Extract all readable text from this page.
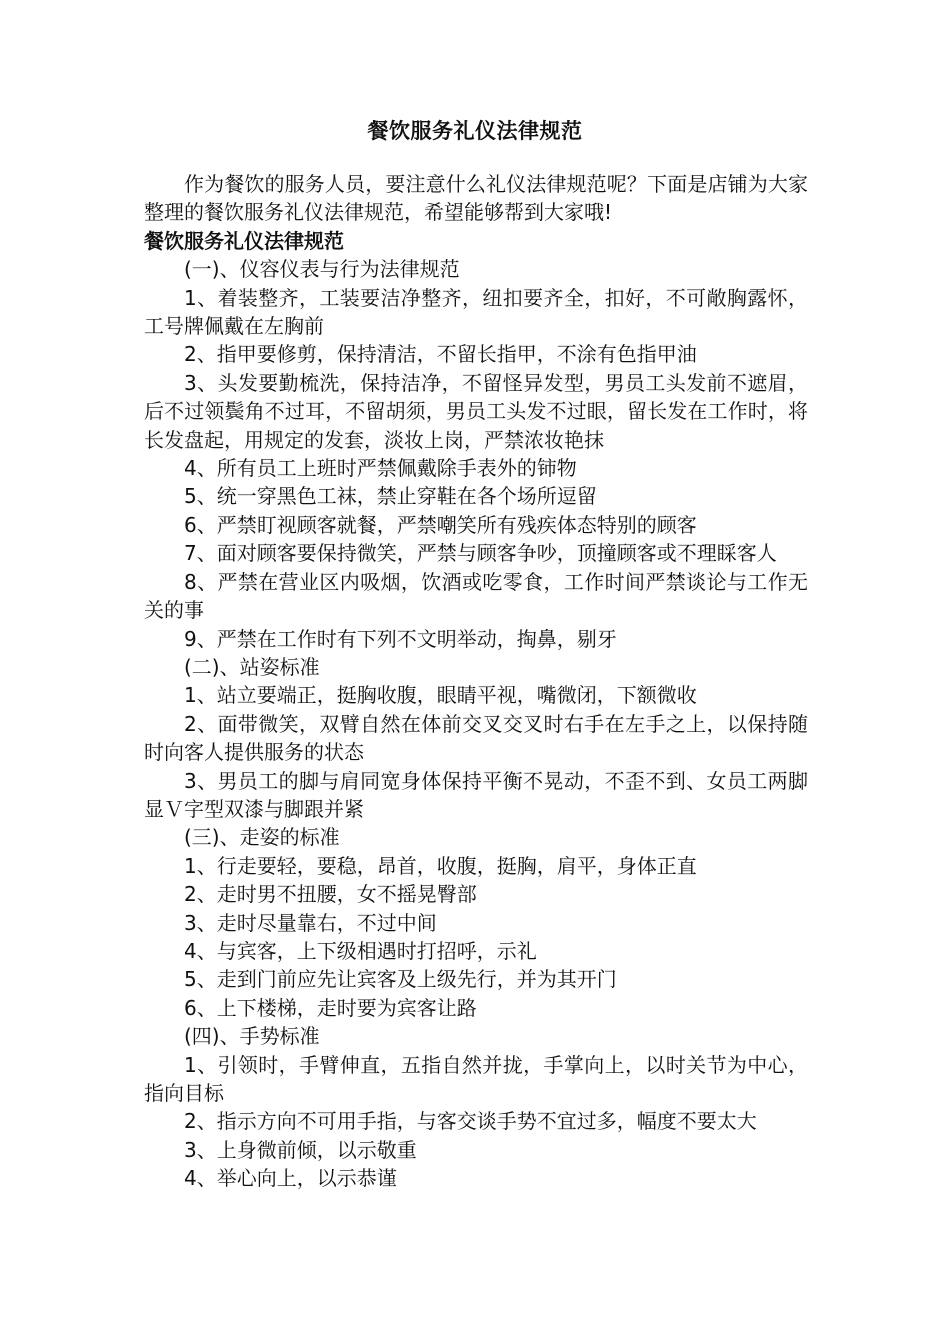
餐饮服务礼仪法律规范

作为餐饮的服务人员，要注意什么礼仪法律规范呢？下面是店铺为大家整理的餐饮服务礼仪法律规范，希望能够帮到大家哦!

餐饮服务礼仪法律规范

(一)、仪容仪表与行为法律规范

1、着装整齐，工装要洁净整齐，纽扣要齐全，扣好，不可敞胸露怀，工号牌佩戴在左胸前

2、指甲要修剪，保持清洁，不留长指甲，不涂有色指甲油

3、头发要勤梳洗，保持洁净，不留怪异发型，男员工头发前不遮眉，后不过领鬓角不过耳，不留胡须，男员工头发不过眼，留长发在工作时，将长发盘起，用规定的发套，淡妆上岗，严禁浓妆艳抹

4、所有员工上班时严禁佩戴除手表外的铈物

5、统一穿黑色工袜，禁止穿鞋在各个场所逗留

6、严禁盯视顾客就餐，严禁嘲笑所有残疾体态特别的顾客

7、面对顾客要保持微笑，严禁与顾客争吵，顶撞顾客或不理睬客人

8、严禁在营业区内吸烟，饮酒或吃零食，工作时间严禁谈论与工作无关的事

9、严禁在工作时有下列不文明举动，掏鼻，剔牙

(二)、站姿标准

1、站立要端正，挺胸收腹，眼睛平视，嘴微闭，下额微收

2、面带微笑，双臂自然在体前交叉交叉时右手在左手之上，以保持随时向客人提供服务的状态

3、男员工的脚与肩同宽身体保持平衡不晃动，不歪不到、女员工两脚显Ｖ字型双漆与脚跟并紧

(三)、走姿的标准

1、行走要轻，要稳，昂首，收腹，挺胸，肩平，身体正直

2、走时男不扭腰，女不摇晃臀部

3、走时尽量靠右，不过中间

4、与宾客，上下级相遇时打招呼，示礼

5、走到门前应先让宾客及上级先行，并为其开门

6、上下楼梯，走时要为宾客让路

(四)、手势标准

1、引领时，手臂伸直，五指自然并拢，手掌向上，以时关节为中心，指向目标

2、指示方向不可用手指，与客交谈手势不宜过多，幅度不要太大

3、上身微前倾，以示敬重

4、举心向上，以示恭谨
